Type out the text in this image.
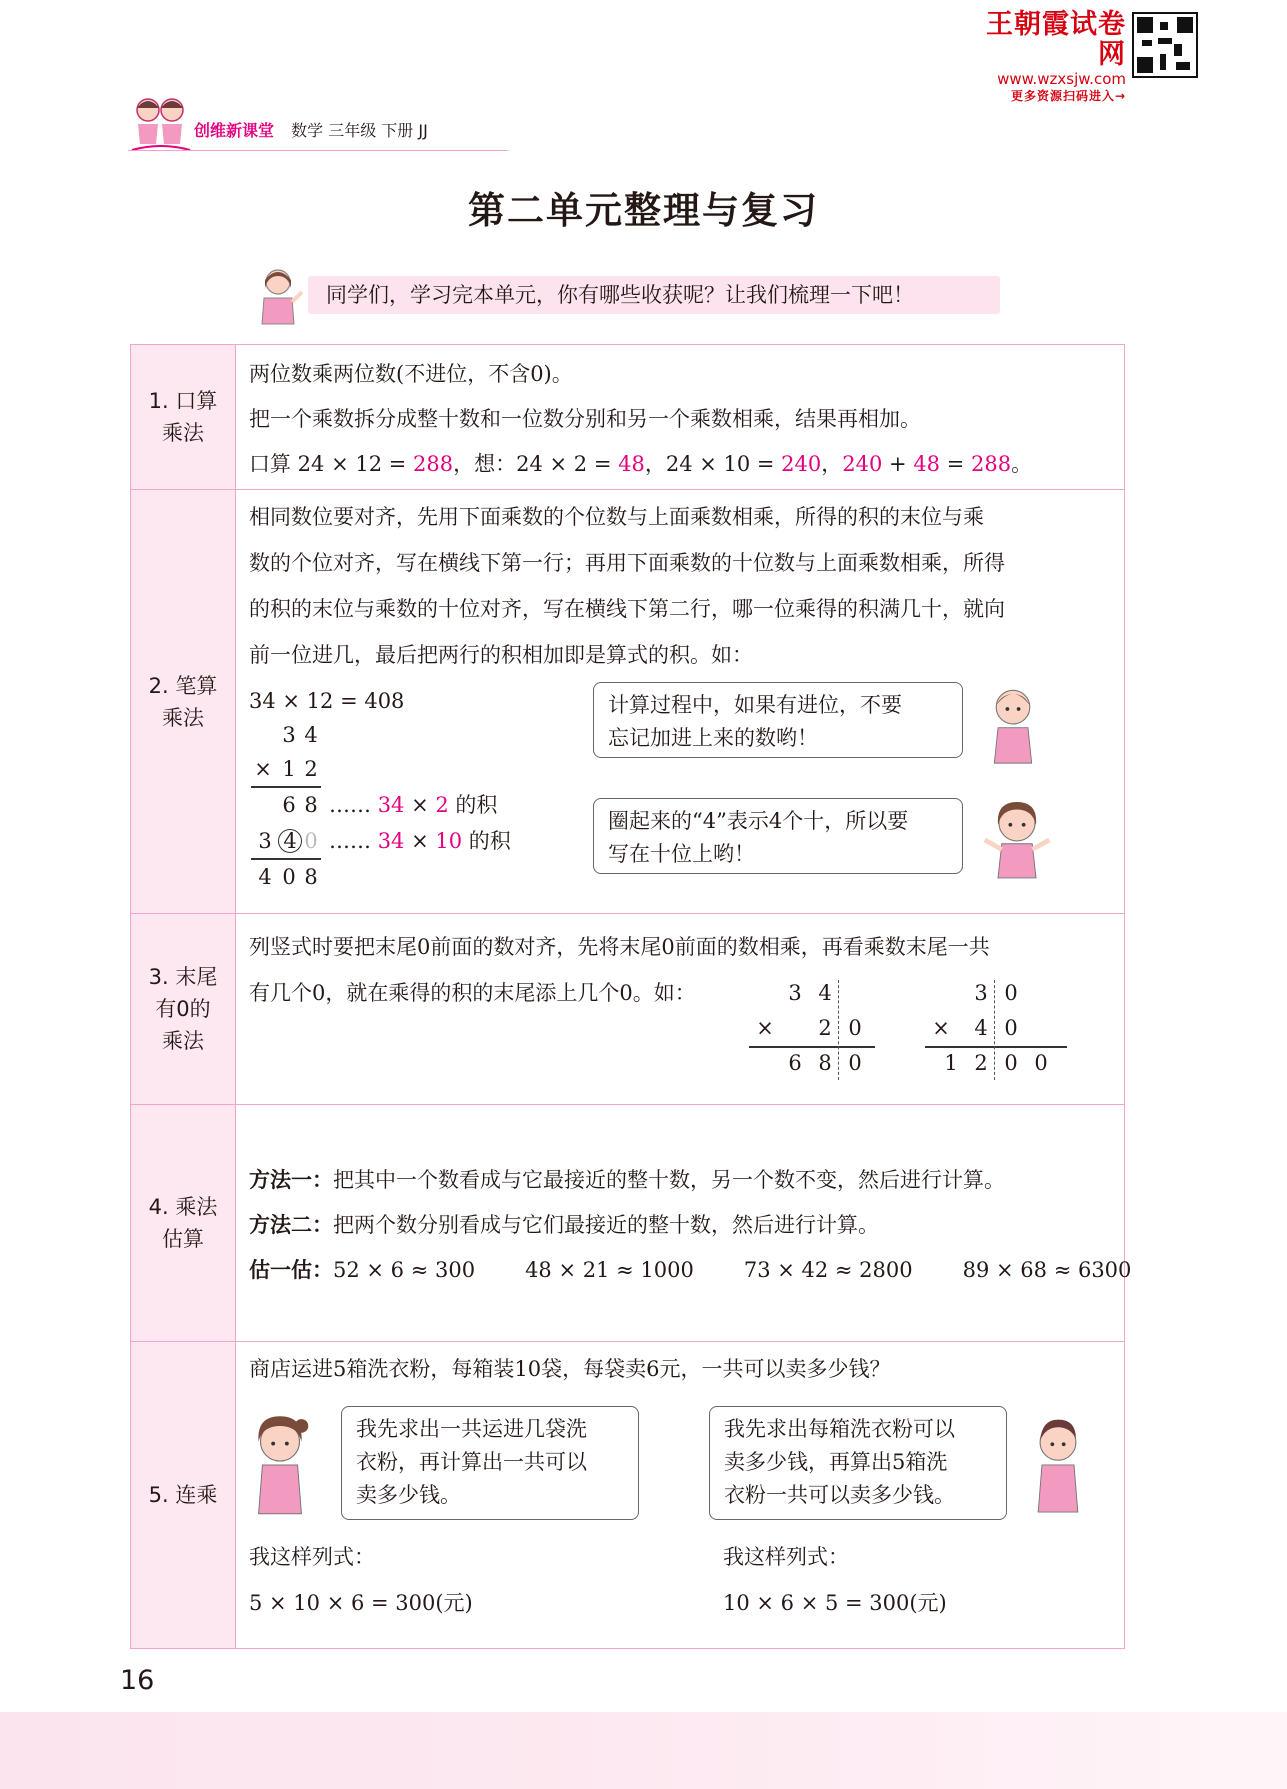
王朝霞试卷网
www.wzxsjw.com
更多资源扫码进入→
创维新课堂 数学 三年级 下册 JJ
第二单元整理与复习
同学们，学习完本单元，你有哪些收获呢？让我们梳理一下吧！
1. 口算
乘法
两位数乘两位数(不进位，不含0)。
把一个乘数拆分成整十数和一位数分别和另一个乘数相乘，结果再相加。
口算 24 × 12 = 288，想：24 × 2 = 48，24 × 10 = 240，240 + 48 = 288。
2. 笔算
乘法
相同数位要对齐，先用下面乘数的个位数与上面乘数相乘，所得的积的末位与乘
数的个位对齐，写在横线下第一行；再用下面乘数的十位数与上面乘数相乘，所得
的积的末位与乘数的十位对齐，写在横线下第二行，哪一位乘得的积满几十，就向
前一位进几，最后把两行的积相加即是算式的积。如：
34 × 12 = 408
3 4
× 1 2
6 8 …… 34 × 2 的积
3 4 0 …… 34 × 10 的积
4 0 8
计算过程中，如果有进位，不要
忘记加进上来的数哟！
圈起来的“4”表示4个十，所以要
写在十位上哟！
3. 末尾
有0的
乘法
列竖式时要把末尾0前面的数对齐，先将末尾0前面的数相乘，再看乘数末尾一共
有几个0，就在乘得的积的末尾添上几个0。如：	3 4
× 2 0
6 8 0
3 0
× 4 0
1 2 0 0
4. 乘法
估算
方法一：把其中一个数看成与它最接近的整十数，另一个数不变，然后进行计算。
方法二：把两个数分别看成与它们最接近的整十数，然后进行计算。
估一估：52 × 6 ≈ 300 48 × 21 ≈ 1000 73 × 42 ≈ 2800 89 × 68 ≈ 6300
5. 连乘
商店运进5箱洗衣粉，每箱装10袋，每袋卖6元，一共可以卖多少钱？
我先求出一共运进几袋洗
衣粉，再计算出一共可以
卖多少钱。
我先求出每箱洗衣粉可以
卖多少钱，再算出5箱洗
衣粉一共可以卖多少钱。
我这样列式：
5 × 10 × 6 = 300(元)
我这样列式：
10 × 6 × 5 = 300(元)
16
